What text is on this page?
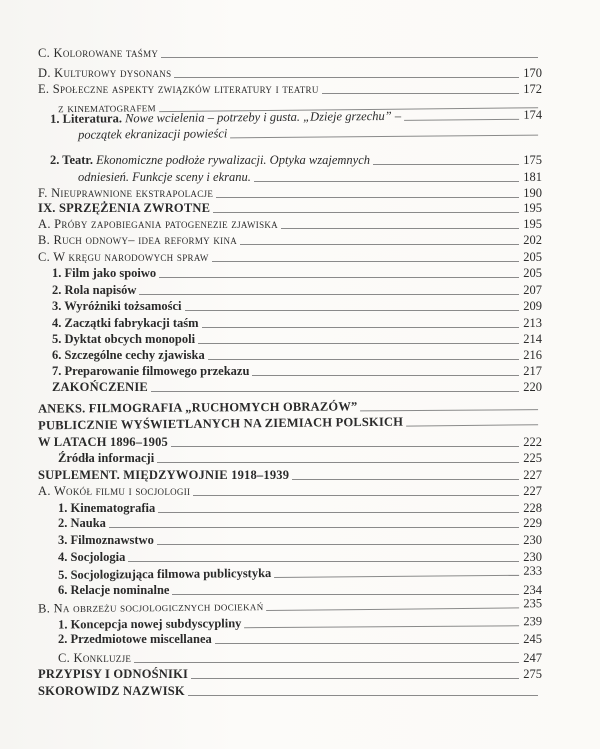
C. Kolorowane taśmy
D. Kulturowy dysonans	170
E. Społeczne aspekty związków literatury i teatru	172
z kinematografem
1. Literatura. Nowe wcielenia – potrzeby i gusta. „Dzieje grzechu” –	174
początek ekranizacji powieści
2. Teatr. Ekonomiczne podłoże rywalizacji. Optyka wzajemnych	175
odniesień. Funkcje sceny i ekranu.	181
F. Nieuprawnione ekstrapolacje	190
IX. SPRZĘŻENIA ZWROTNE	195
A. Próby zapobiegania patogenezie zjawiska	195
B. Ruch odnowy– idea reformy kina	202
C. W kręgu narodowych spraw	205
1. Film jako spoiwo	205
2. Rola napisów	207
3. Wyróżniki tożsamości	209
4. Zaczątki fabrykacji taśm	213
5. Dyktat obcych monopoli	214
6. Szczególne cechy zjawiska	216
7. Preparowanie filmowego przekazu	217
ZAKOŃCZENIE	220
ANEKS. FILMOGRAFIA „RUCHOMYCH OBRAZÓW”
PUBLICZNIE WYŚWIETLANYCH NA ZIEMIACH POLSKICH
W LATACH 1896–1905	222
Źródła informacji	225
SUPLEMENT. MIĘDZYWOJNIE 1918–1939	227
A. Wokół filmu i socjologii	227
1. Kinematografia	228
2. Nauka	229
3. Filmoznawstwo	230
4. Socjologia	230
5. Socjologizująca filmowa publicystyka	233
6. Relacje nominalne	234
B. Na obrzeżu socjologicznych dociekań	235
1. Koncepcja nowej subdyscypliny	239
2. Przedmiotowe miscellanea	245
C. Konkluzje	247
PRZYPISY I ODNOŚNIKI	275
SKOROWIDZ NAZWISK
